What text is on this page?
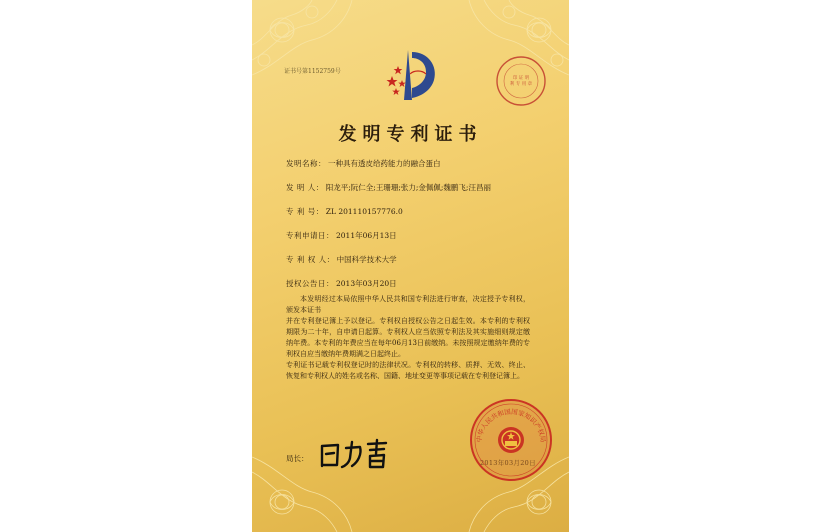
证书号第1152759号
印 证 明
利 专 用 章
发明专利证书
发明名称： 一种具有透皮给药能力的融合蛋白
发 明 人： 阳龙平;阮仁全;王珊珊;张力;金佩佩;魏鹏飞;汪昌丽
专 利 号： ZL 201110157776.0
专利申请日： 2011年06月13日
专 利 权 人： 中国科学技术大学
授权公告日： 2013年03月20日

本发明经过本局依照中华人民共和国专利法进行审查，决定授予专利权，颁发本证书

并在专利登记簿上予以登记。专利权自授权公告之日起生效。本专利的专利权期限为二十年，自申请日起算。专利权人应当依照专利法及其实施细则规定缴纳年费。本专利的年费应当在每年06月13日前缴纳。未按照规定缴纳年费的专利权自应当缴纳年费期满之日起终止。

专利证书记载专利权登记时的法律状况。专利权的转移、质押、无效、终止、恢复和专利权人的姓名或名称、国籍、地址变更等事项记载在专利登记簿上。

局长：
中华人民共和国国家知识产权局
2013年03月20日
